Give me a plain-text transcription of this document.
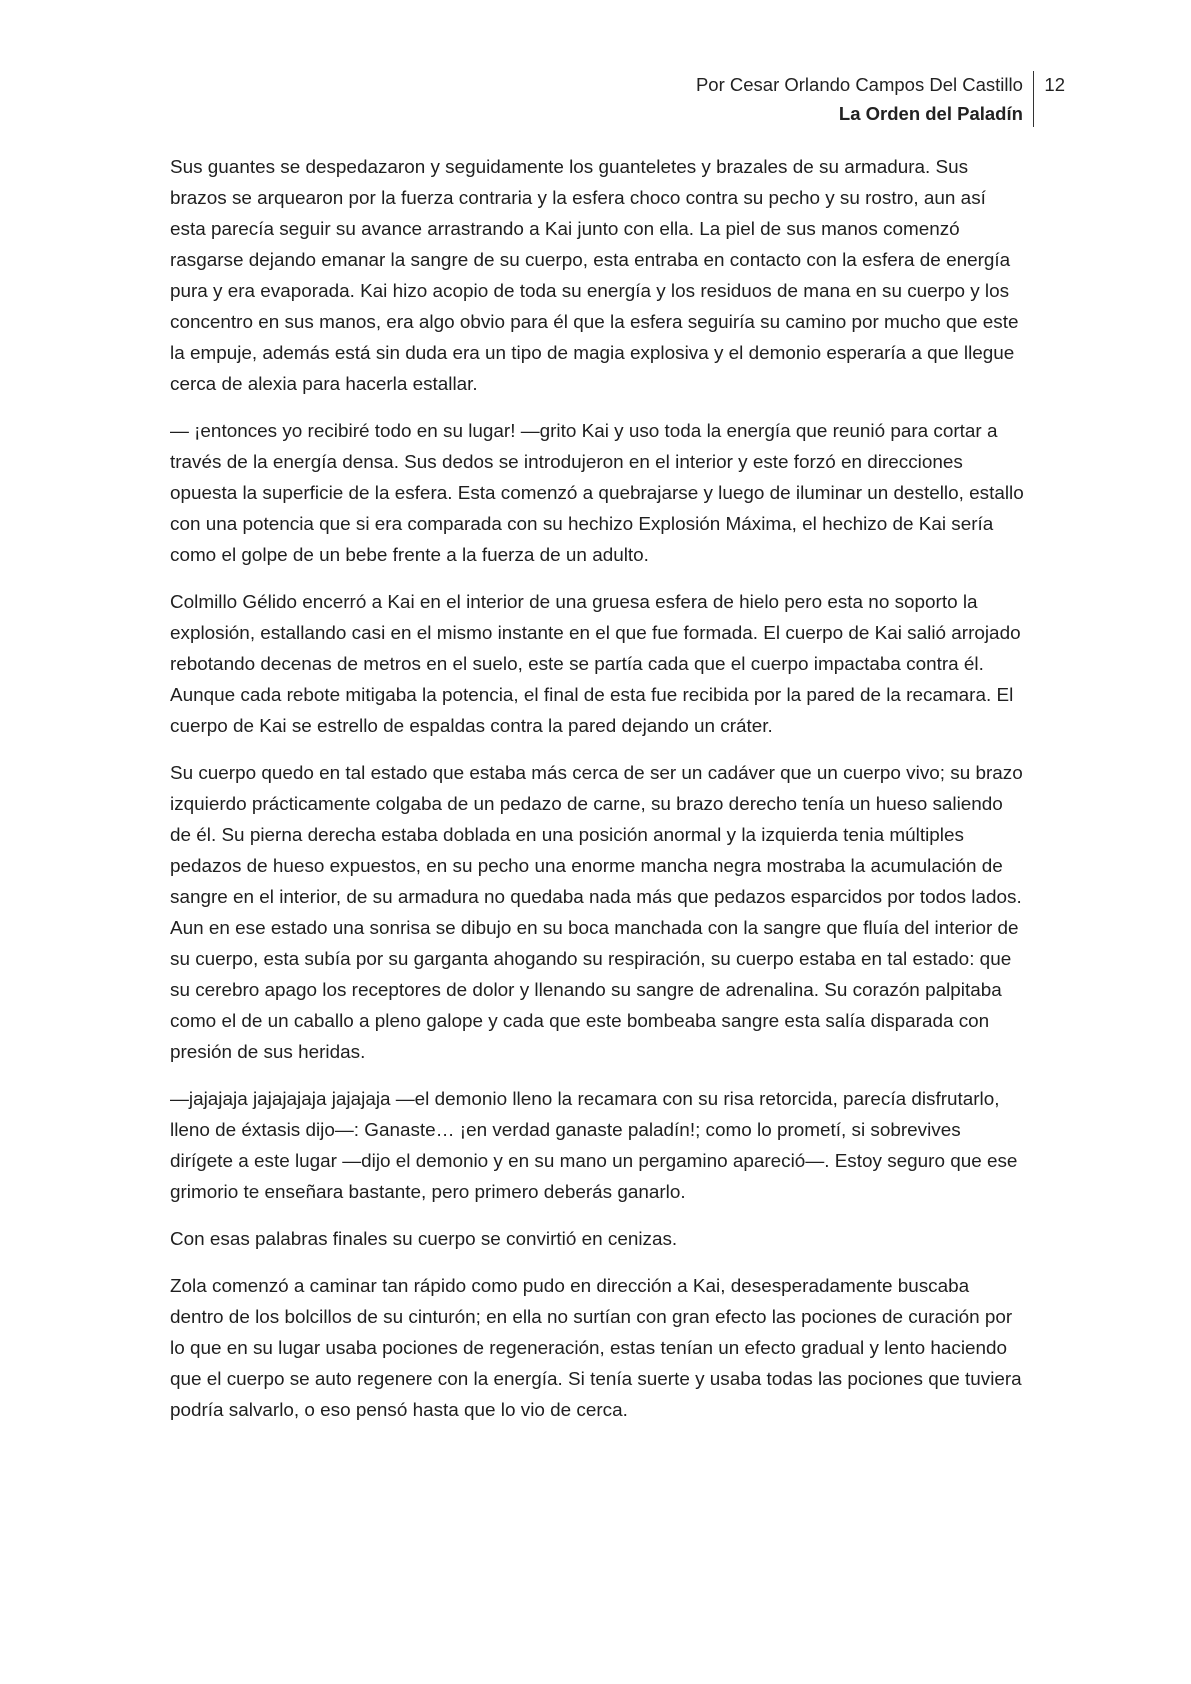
Por Cesar Orlando Campos Del Castillo
La Orden del Paladín
12

Sus guantes se despedazaron y seguidamente los guanteletes y brazales de su armadura. Sus brazos se arquearon por la fuerza contraria y la esfera choco contra su pecho y su rostro, aun así esta parecía seguir su avance arrastrando a Kai junto con ella. La piel de sus manos comenzó rasgarse dejando emanar la sangre de su cuerpo, esta entraba en contacto con la esfera de energía pura y era evaporada. Kai hizo acopio de toda su energía y los residuos de mana en su cuerpo y los concentro en sus manos, era algo obvio para él que la esfera seguiría su camino por mucho que este la empuje, además está sin duda era un tipo de magia explosiva y el demonio esperaría a que llegue cerca de alexia para hacerla estallar.

— ¡entonces yo recibiré todo en su lugar! —grito Kai y uso toda la energía que reunió para cortar a través de la energía densa. Sus dedos se introdujeron en el interior y este forzó en direcciones opuesta la superficie de la esfera. Esta comenzó a quebrajarse y luego de iluminar un destello, estallo con una potencia que si era comparada con su hechizo Explosión Máxima, el hechizo de Kai sería como el golpe de un bebe frente a la fuerza de un adulto.

Colmillo Gélido encerró a Kai en el interior de una gruesa esfera de hielo pero esta no soporto la explosión, estallando casi en el mismo instante en el que fue formada. El cuerpo de Kai salió arrojado rebotando decenas de metros en el suelo, este se partía cada que el cuerpo impactaba contra él. Aunque cada rebote mitigaba la potencia, el final de esta fue recibida por la pared de la recamara. El cuerpo de Kai se estrello de espaldas contra la pared dejando un cráter.

Su cuerpo quedo en tal estado que estaba más cerca de ser un cadáver que un cuerpo vivo; su brazo izquierdo prácticamente colgaba de un pedazo de carne, su brazo derecho tenía un hueso saliendo de él. Su pierna derecha estaba doblada en una posición anormal y la izquierda tenia múltiples pedazos de hueso expuestos, en su pecho una enorme mancha negra mostraba la acumulación de sangre en el interior, de su armadura no quedaba nada más que pedazos esparcidos por todos lados. Aun en ese estado una sonrisa se dibujo en su boca manchada con la sangre que fluía del interior de su cuerpo, esta subía por su garganta ahogando su respiración, su cuerpo estaba en tal estado: que su cerebro apago los receptores de dolor y llenando su sangre de adrenalina. Su corazón palpitaba como el de un caballo a pleno galope y cada que este bombeaba sangre esta salía disparada con presión de sus heridas.

—jajajaja jajajajaja jajajaja —el demonio lleno la recamara con su risa retorcida, parecía disfrutarlo, lleno de éxtasis dijo—: Ganaste… ¡en verdad ganaste paladín!; como lo prometí, si sobrevives dirígete a este lugar —dijo el demonio y en su mano un pergamino apareció—. Estoy seguro que ese grimorio te enseñara bastante, pero primero deberás ganarlo.

Con esas palabras finales su cuerpo se convirtió en cenizas.

Zola comenzó a caminar tan rápido como pudo en dirección a Kai, desesperadamente buscaba dentro de los bolcillos de su cinturón; en ella no surtían con gran efecto las pociones de curación por lo que en su lugar usaba pociones de regeneración, estas tenían un efecto gradual y lento haciendo que el cuerpo se auto regenere con la energía. Si tenía suerte y usaba todas las pociones que tuviera podría salvarlo, o eso pensó hasta que lo vio de cerca.
